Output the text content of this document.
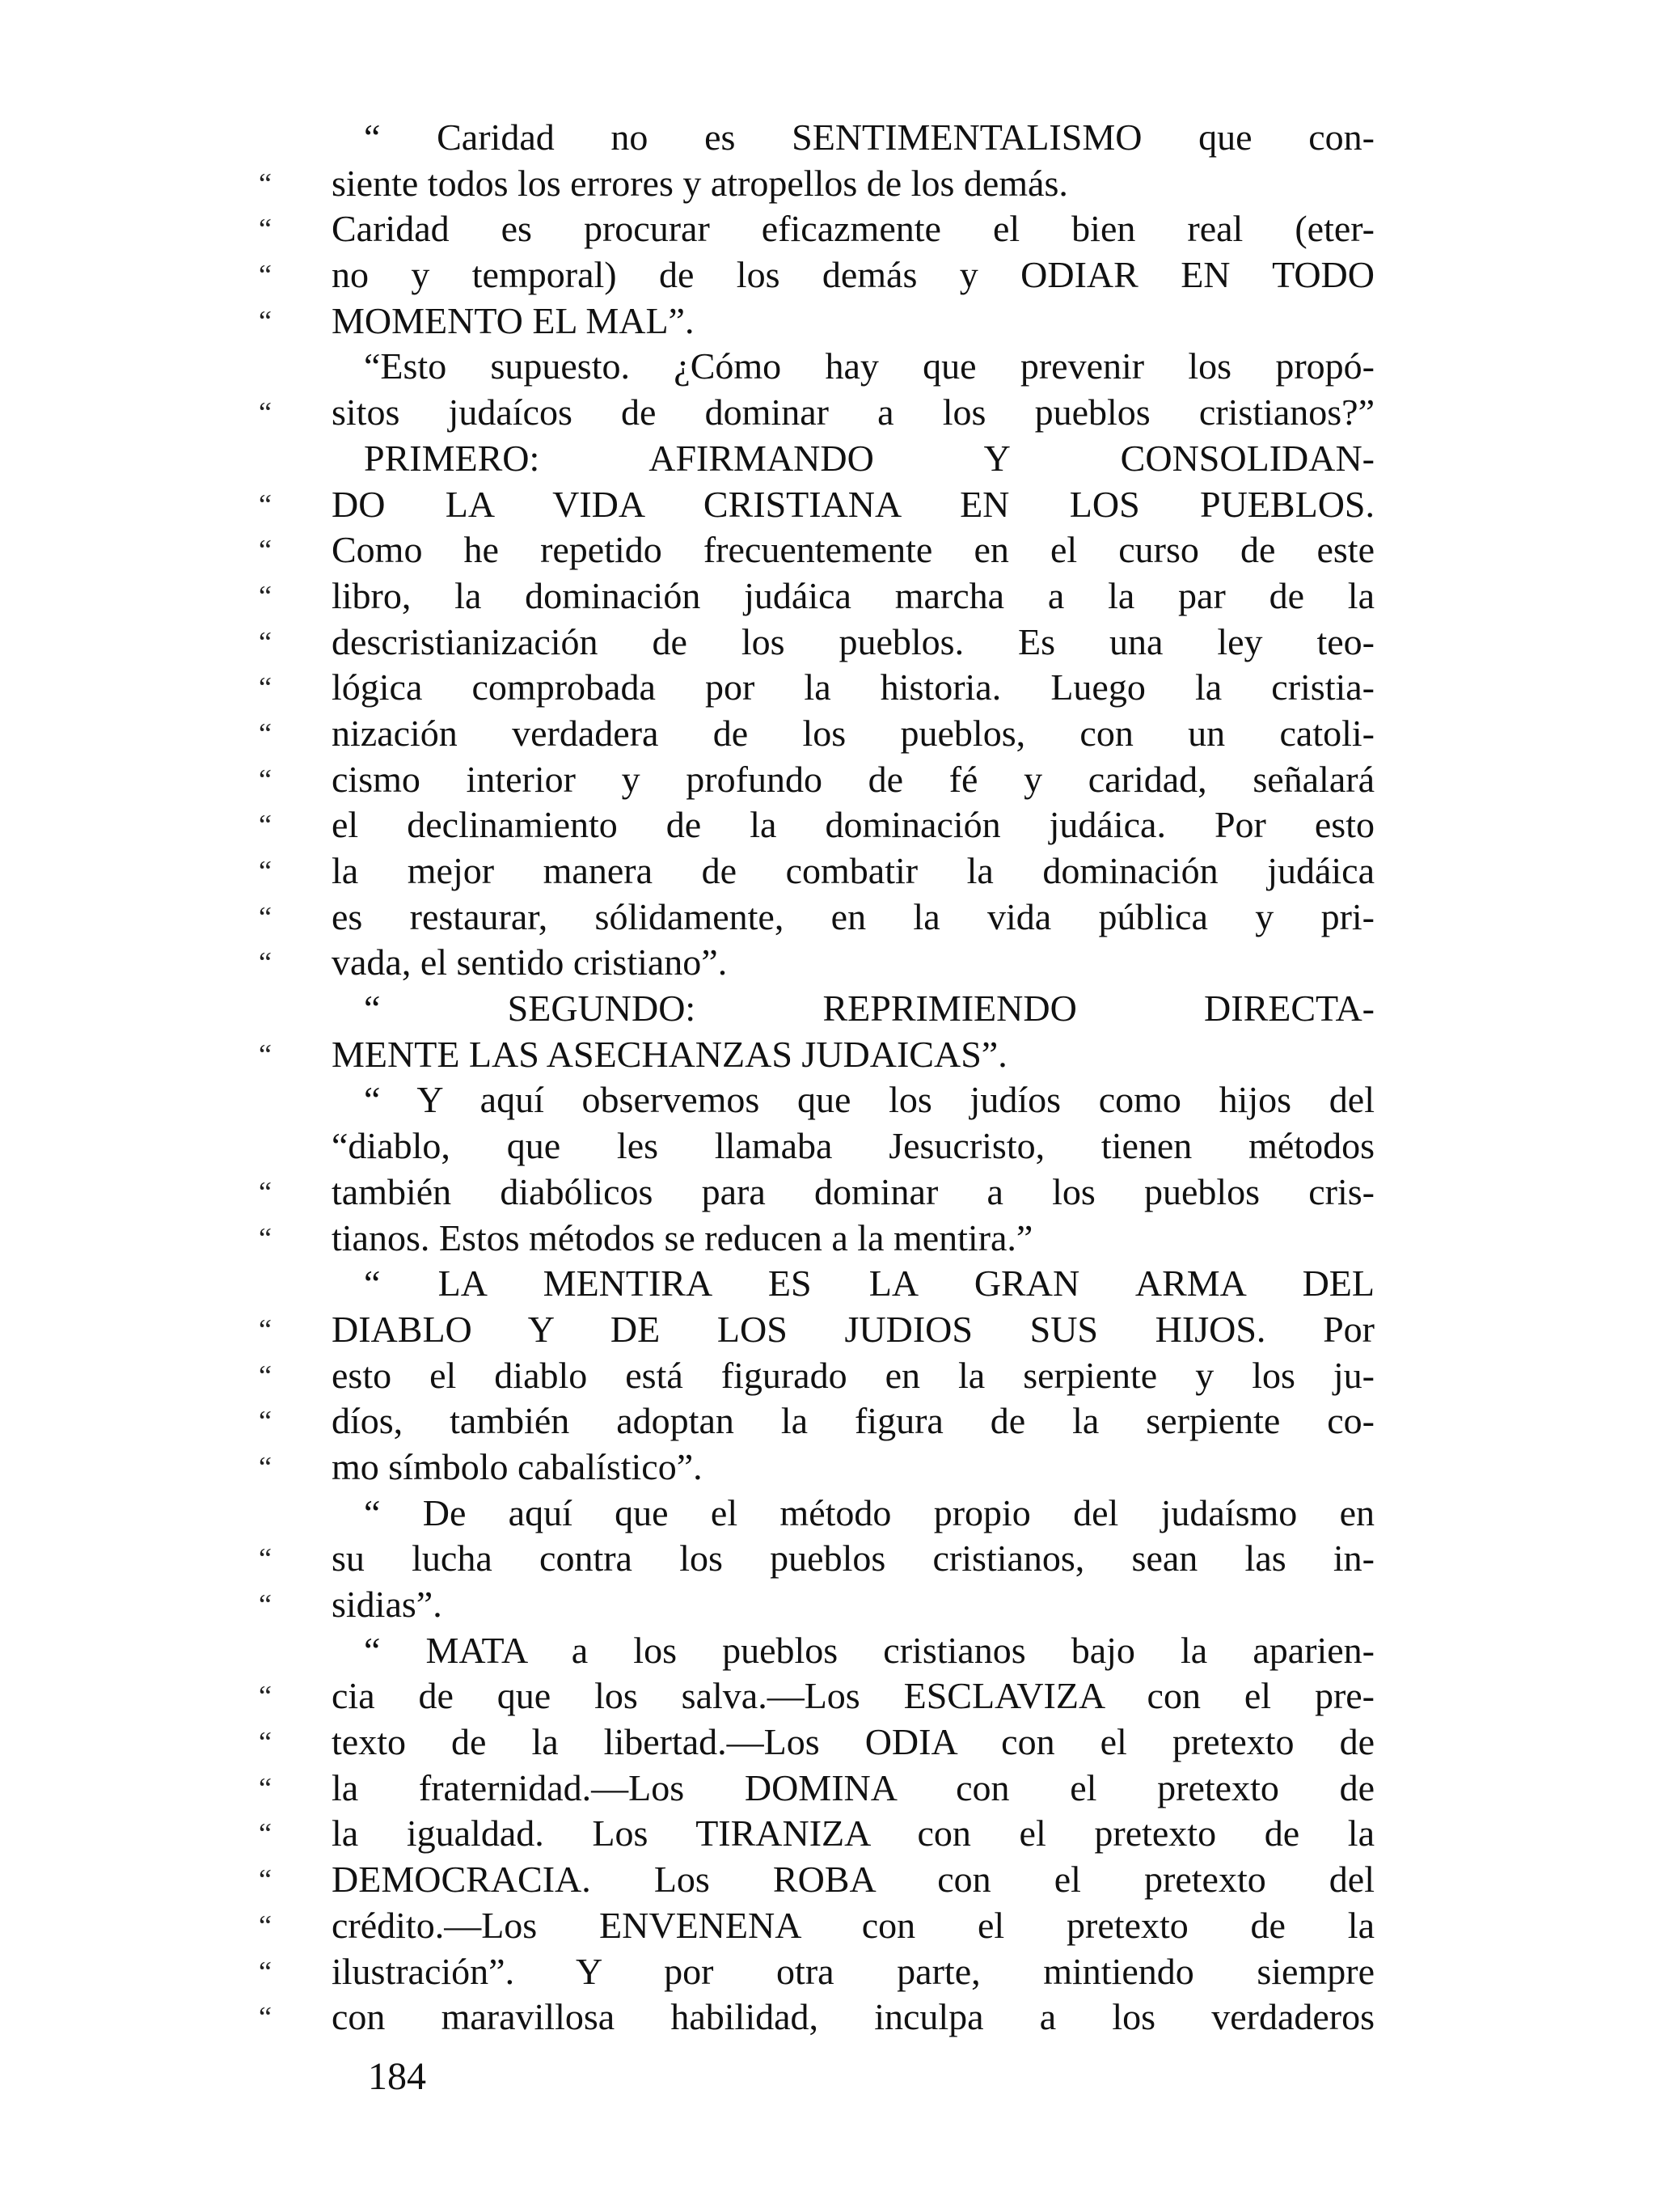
“ Caridad no es SENTIMENTALISMO que con-
“ siente todos los errores y atropellos de los demás.
“ Caridad es procurar eficazmente el bien real (eter-
“ no y temporal) de los demás y ODIAR EN TODO
“ MOMENTO EL MAL”.
“Esto supuesto. ¿Cómo hay que prevenir los propó-
“ sitos judaícos de dominar a los pueblos cristianos?”
PRIMERO: AFIRMANDO Y CONSOLIDAN-
“ DO LA VIDA CRISTIANA EN LOS PUEBLOS.
“ Como he repetido frecuentemente en el curso de este
“ libro, la dominación judáica marcha a la par de la
“ descristianización de los pueblos. Es una ley teo-
“ lógica comprobada por la historia. Luego la cristia-
“ nización verdadera de los pueblos, con un catoli-
“ cismo interior y profundo de fé y caridad, señalará
“ el declinamiento de la dominación judáica. Por esto
“ la mejor manera de combatir la dominación judáica
“ es restaurar, sólidamente, en la vida pública y pri-
“ vada, el sentido cristiano”.
“ SEGUNDO: REPRIMIENDO DIRECTA-
“ MENTE LAS ASECHANZAS JUDAICAS”.
“ Y aquí observemos que los judíos como hijos del
“diablo, que les llamaba Jesucristo, tienen métodos
“ también diabólicos para dominar a los pueblos cris-
“ tianos. Estos métodos se reducen a la mentira.”
“ LA MENTIRA ES LA GRAN ARMA DEL
“ DIABLO Y DE LOS JUDIOS SUS HIJOS. Por
“ esto el diablo está figurado en la serpiente y los ju-
“ díos, también adoptan la figura de la serpiente co-
“ mo símbolo cabalístico”.
“ De aquí que el método propio del judaísmo en
“ su lucha contra los pueblos cristianos, sean las in-
“ sidias”.
“ MATA a los pueblos cristianos bajo la aparien-
“ cia de que los salva.—Los ESCLAVIZA con el pre-
“ texto de la libertad.—Los ODIA con el pretexto de
“ la fraternidad.—Los DOMINA con el pretexto de
“ la igualdad. Los TIRANIZA con el pretexto de la
“ DEMOCRACIA. Los ROBA con el pretexto del
“ crédito.—Los ENVENENA con el pretexto de la
“ ilustración”. Y por otra parte, mintiendo siempre
“ con maravillosa habilidad, inculpa a los verdaderos
184
